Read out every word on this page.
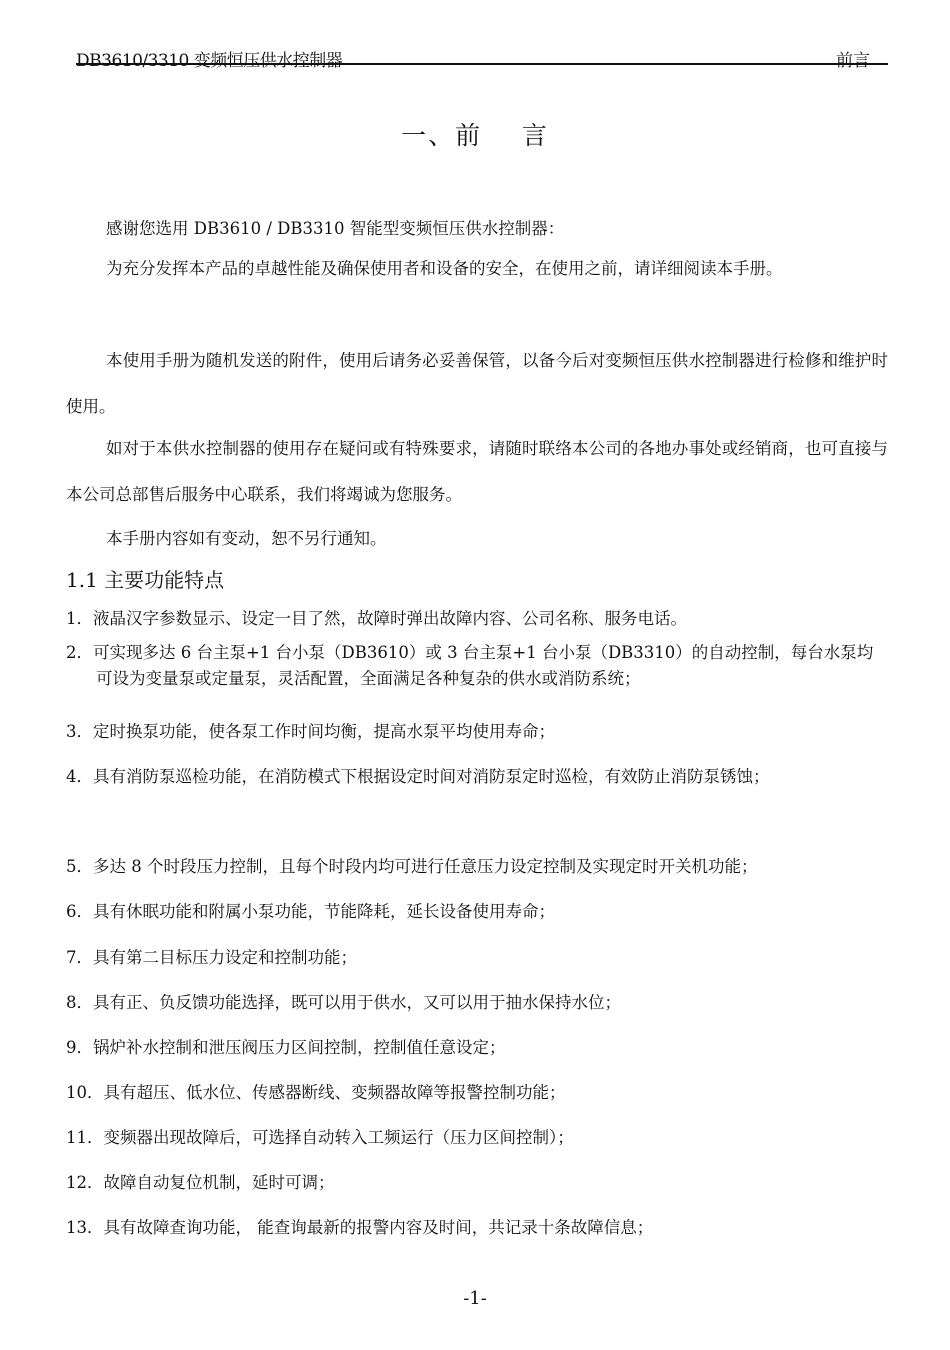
DB3610/3310 变频恒压供水控制器	前言
一、前    言

感谢您选用 DB3610 / DB3310 智能型变频恒压供水控制器：

为充分发挥本产品的卓越性能及确保使用者和设备的安全，在使用之前，请详细阅读本手册。

本使用手册为随机发送的附件，使用后请务必妥善保管，以备今后对变频恒压供水控制器进行检修和维护时使用。

如对于本供水控制器的使用存在疑问或有特殊要求，请随时联络本公司的各地办事处或经销商，也可直接与本公司总部售后服务中心联系，我们将竭诚为您服务。

本手册内容如有变动，恕不另行通知。

1.1 主要功能特点
1．液晶汉字参数显示、设定一目了然，故障时弹出故障内容、公司名称、服务电话。
2．可实现多达 6 台主泵+1 台小泵（DB3610）或 3 台主泵+1 台小泵（DB3310）的自动控制，每台水泵均可设为变量泵或定量泵，灵活配置，全面满足各种复杂的供水或消防系统；
3．定时换泵功能，使各泵工作时间均衡，提高水泵平均使用寿命；
4．具有消防泵巡检功能，在消防模式下根据设定时间对消防泵定时巡检，有效防止消防泵锈蚀；
5．多达 8 个时段压力控制，且每个时段内均可进行任意压力设定控制及实现定时开关机功能；
6．具有休眠功能和附属小泵功能，节能降耗，延长设备使用寿命；
7．具有第二目标压力设定和控制功能；
8．具有正、负反馈功能选择，既可以用于供水，又可以用于抽水保持水位；
9．锅炉补水控制和泄压阀压力区间控制，控制值任意设定；
10．具有超压、低水位、传感器断线、变频器故障等报警控制功能；
11．变频器出现故障后，可选择自动转入工频运行（压力区间控制）；
12．故障自动复位机制，延时可调；
13．具有故障查询功能， 能查询最新的报警内容及时间，共记录十条故障信息；
-1-
